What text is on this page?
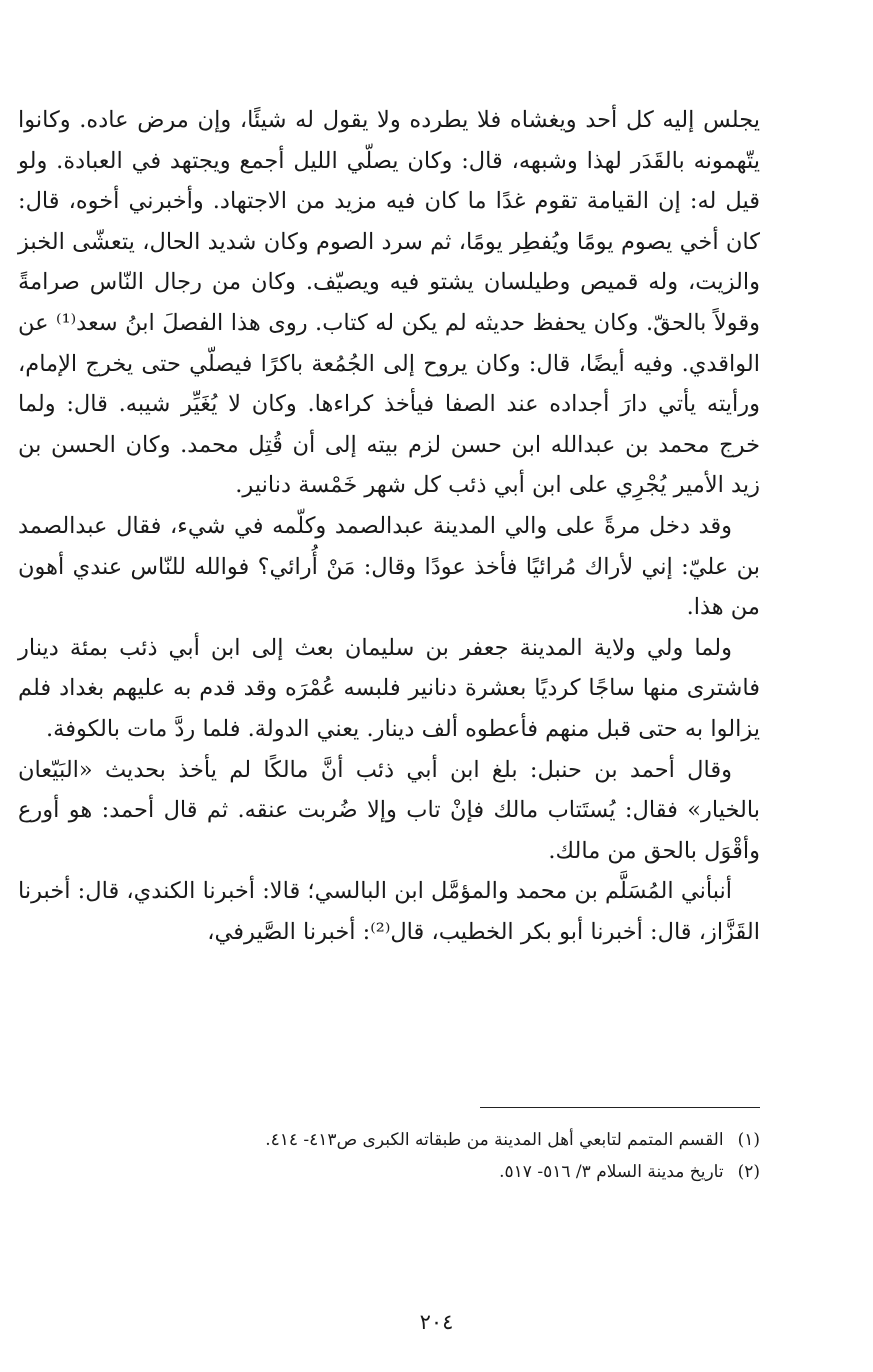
يجلس إليه كل أحد ويغشاه فلا يطرده ولا يقول له شيئًا، وإن مرض عاده. وكانوا يتّهمونه بالقَدَر لهذا وشبهه، قال: وكان يصلّي الليل أجمع ويجتهد في العبادة. ولو قيل له: إن القيامة تقوم غدًا ما كان فيه مزيد من الاجتهاد. وأخبرني أخوه، قال: كان أخي يصوم يومًا ويُفطِر يومًا، ثم سرد الصوم وكان شديد الحال، يتعشّى الخبز والزيت، وله قميص وطيلسان يشتو فيه ويصيّف. وكان من رجال النّاس صرامةً وقولاً بالحقّ. وكان يحفظ حديثه لم يكن له كتاب. روى هذا الفصلَ ابنُ سعد⁽¹⁾ عن الواقدي. وفيه أيضًا، قال: وكان يروح إلى الجُمُعة باكرًا فيصلّي حتى يخرج الإمام، ورأيته يأتي دارَ أجداده عند الصفا فيأخذ كراءها. وكان لا يُغَيِّر شيبه. قال: ولما خرج محمد بن عبدالله ابن حسن لزم بيته إلى أن قُتِل محمد. وكان الحسن بن زيد الأمير يُجْرِي على ابن أبي ذئب كل شهر خَمْسة دنانير.

وقد دخل مرةً على والي المدينة عبدالصمد وكلّمه في شيء، فقال عبدالصمد بن عليّ: إني لأراك مُرائيًا فأخذ عودًا وقال: مَنْ أُرائي؟ فوالله للنّاس عندي أهون من هذا.

ولما ولي ولاية المدينة جعفر بن سليمان بعث إلى ابن أبي ذئب بمئة دينار فاشترى منها ساجًا كرديًا بعشرة دنانير فلبسه عُمْرَه وقد قدم به عليهم بغداد فلم يزالوا به حتى قبل منهم فأعطوه ألف دينار. يعني الدولة. فلما ردَّ مات بالكوفة.

وقال أحمد بن حنبل: بلغ ابن أبي ذئب أنَّ مالكًا لم يأخذ بحديث «البَيّعان بالخيار» فقال: يُستَتاب مالك فإنْ تاب وإلا ضُربت عنقه. ثم قال أحمد: هو أورع وأقْوَل بالحق من مالك.

أنبأني المُسَلَّم بن محمد والمؤمَّل ابن البالسي؛ قالا: أخبرنا الكندي، قال: أخبرنا القَزَّاز، قال: أخبرنا أبو بكر الخطيب، قال⁽²⁾: أخبرنا الصَّيرفي،

(١)القسم المتمم لتابعي أهل المدينة من طبقاته الكبرى ص٤١٣- ٤١٤.
(٢)تاريخ مدينة السلام ٣/ ٥١٦- ٥١٧.
٢٠٤
